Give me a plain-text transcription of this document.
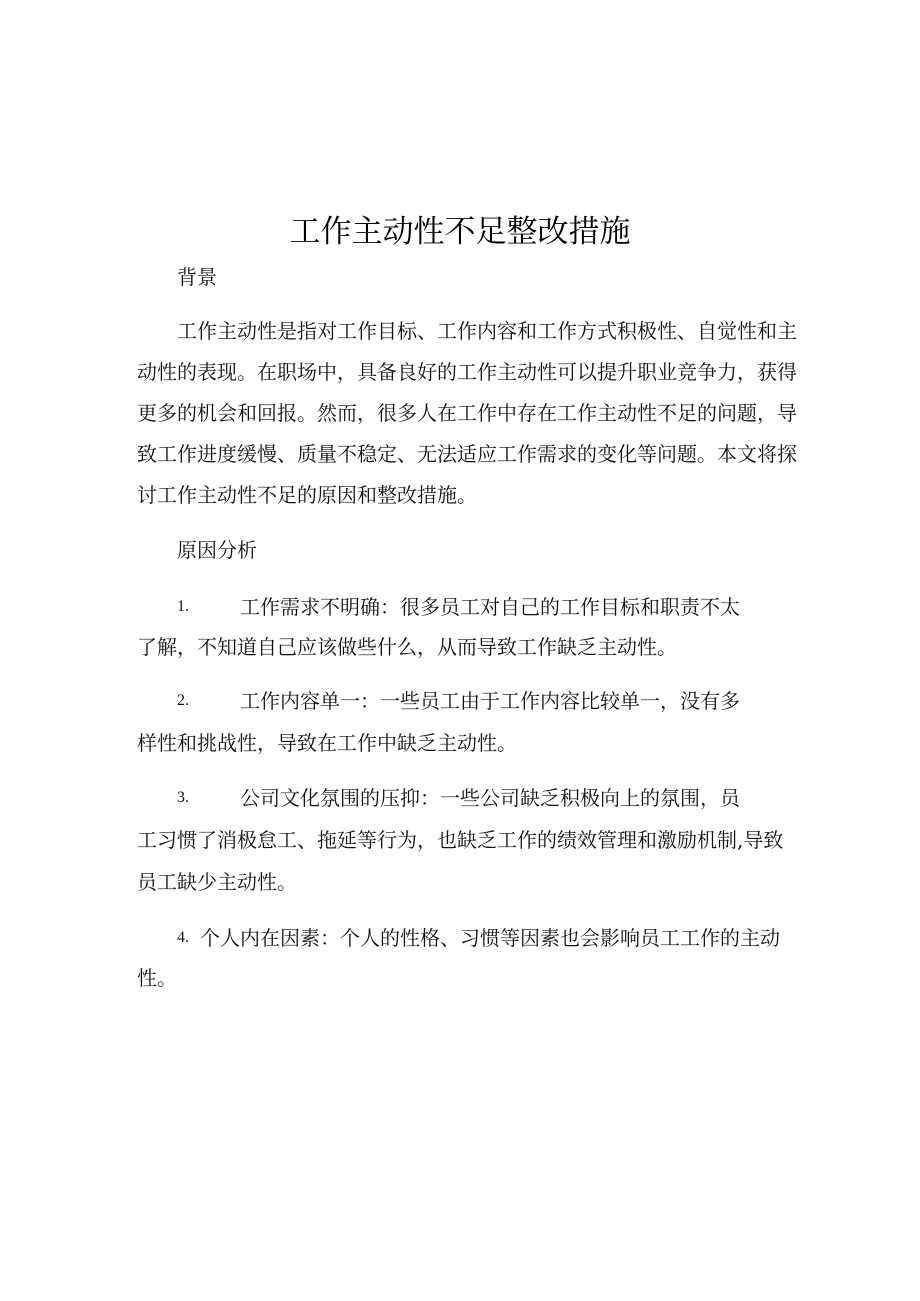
工作主动性不足整改措施
背景
工作主动性是指对工作目标、工作内容和工作方式积极性、自觉性和主
动性的表现。在职场中，具备良好的工作主动性可以提升职业竞争力，获得
更多的机会和回报。然而，很多人在工作中存在工作主动性不足的问题，导
致工作进度缓慢、质量不稳定、无法适应工作需求的变化等问题。本文将探
讨工作主动性不足的原因和整改措施。
原因分析
1.	工作需求不明确：很多员工对自己的工作目标和职责不太
了解，不知道自己应该做些什么，从而导致工作缺乏主动性。
2.	工作内容单一：一些员工由于工作内容比较单一，没有多
样性和挑战性，导致在工作中缺乏主动性。
3.	公司文化氛围的压抑：一些公司缺乏积极向上的氛围，员
工习惯了消极怠工、拖延等行为，也缺乏工作的绩效管理和激励机制,导致
员工缺少主动性。
4. 个人内在因素：个人的性格、习惯等因素也会影响员工工作的主动
性。
